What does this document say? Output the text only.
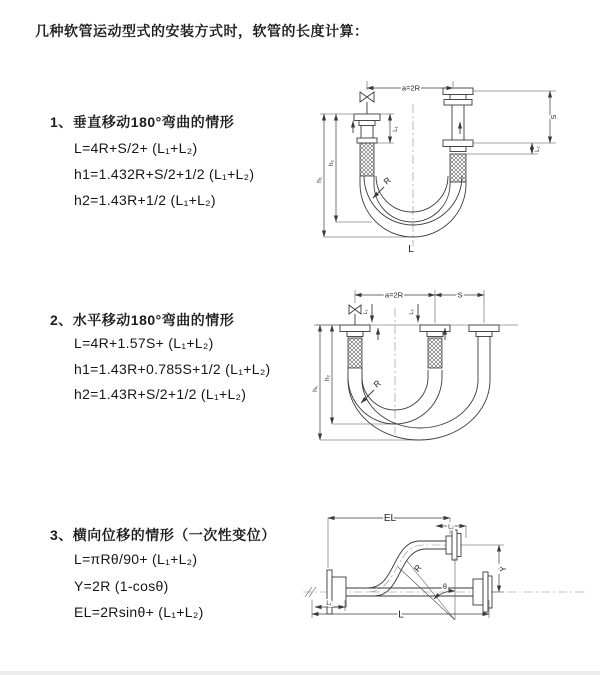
几种软管运动型式的安装方式时，软管的长度计算：
1、垂直移动180°弯曲的情形
L=4R+S/2+ (L₁+L₂)
h1=1.432R+S/2+1/2 (L₁+L₂)
h2=1.43R+1/2 (L₁+L₂)
2、水平移动180°弯曲的情形
L=4R+1.57S+ (L₁+L₂)
h1=1.43R+0.785S+1/2 (L₁+L₂)
h2=1.43R+S/2+1/2 (L₁+L₂)
3、横向位移的情形（一次性变位）
L=πRθ/90+ (L₁+L₂)
Y=2R (1-cosθ)
EL=2Rsinθ+ (L₁+L₂)
a=2R
h₁
h₂
L₁
S
L₂
R
L
a=2R	S
h₁
h₂
L₁	L₂
R
θ
R
EL
L₂
Y
L₁
L
